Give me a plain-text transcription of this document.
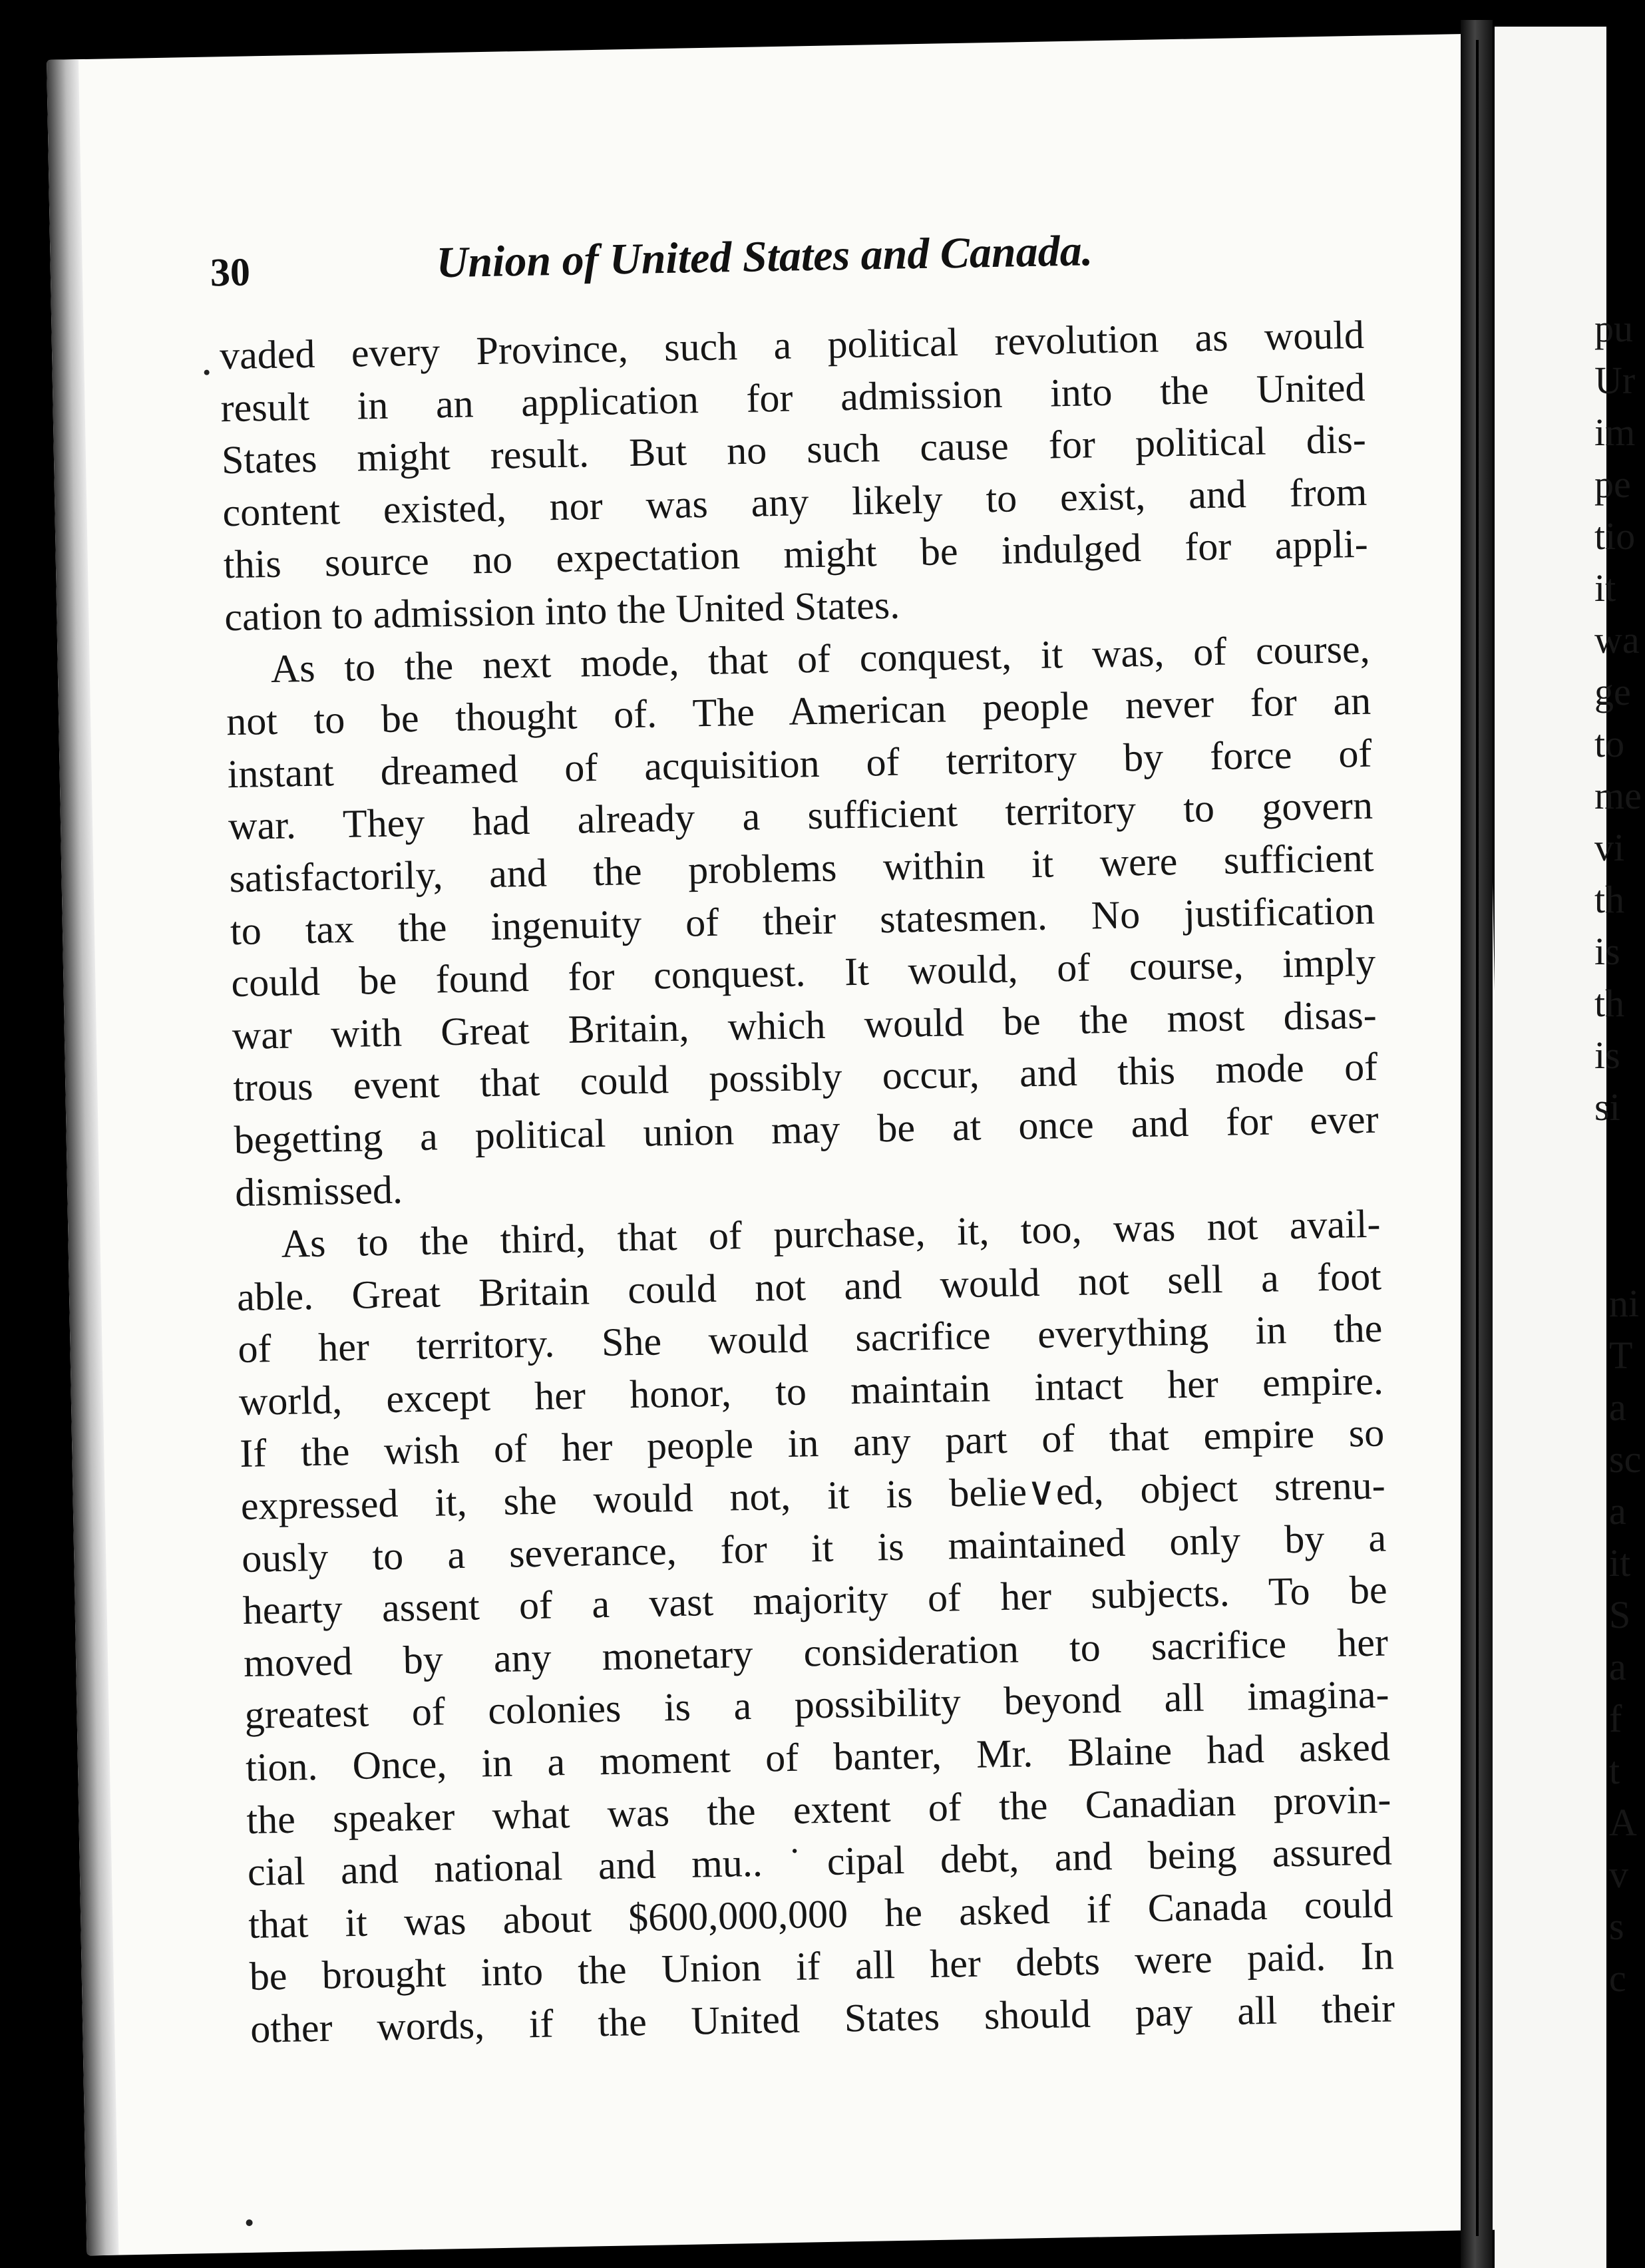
30	Union of United States and Canada.
vaded every Province, such a political revolution as would
result in an application for admission into the United
States might result. But no such cause for political dis-
content existed, nor was any likely to exist, and from
this source no expectation might be indulged for appli-
cation to admission into the United States.
As to the next mode, that of conquest, it was, of course,
not to be thought of. The American people never for an
instant dreamed of acquisition of territory by force of
war. They had already a sufficient territory to govern
satisfactorily, and the problems within it were sufficient
to tax the ingenuity of their statesmen. No justification
could be found for conquest. It would, of course, imply
war with Great Britain, which would be the most disas-
trous event that could possibly occur, and this mode of
begetting a political union may be at once and for ever
dismissed.
As to the third, that of purchase, it, too, was not avail-
able. Great Britain could not and would not sell a foot
of her territory. She would sacrifice everything in the
world, except her honor, to maintain intact her empire.
If the wish of her people in any part of that empire so
expressed it, she would not, it is belie∨ed, object strenu-
ously to a severance, for it is maintained only by a
hearty assent of a vast majority of her subjects. To be
moved by any monetary consideration to sacrifice her
greatest of colonies is a possibility beyond all imagina-
tion. Once, in a moment of banter, Mr. Blaine had asked
the speaker what was the extent of the Canadian provin-
cial and national and mu..˙cipal debt, and being assured
that it was about $600,000,000 he asked if Canada could
be brought into the Union if all her debts were paid. In
other words, if the United States should pay all their
pu
Ur
im
pe
tio
it
wa
ge
to
me
vi
th
is
th
is
si
ni
T
a
sc
a
it
S
a
f
t
A
v
s
c
